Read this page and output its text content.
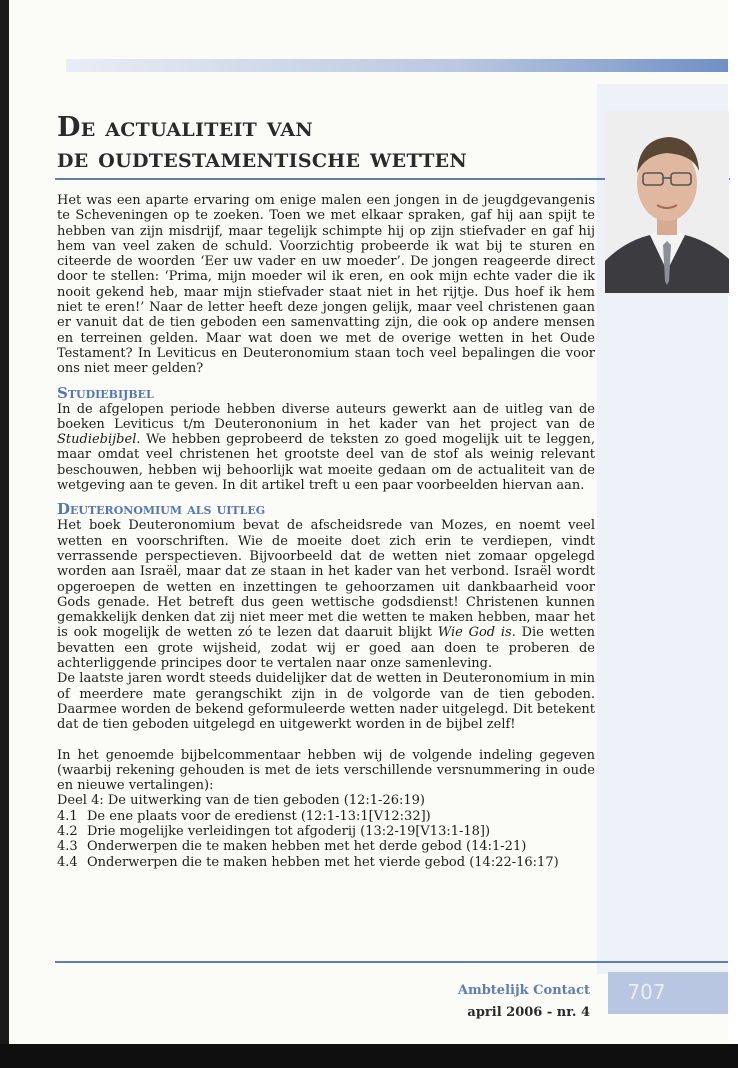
De actualiteit van
de oudtestamentische wetten

Het was een aparte ervaring om enige malen een jongen in de jeugdgevangenis te Scheveningen op te zoeken. Toen we met elkaar spraken, gaf hij aan spijt te hebben van zijn misdrijf, maar tegelijk schimpte hij op zijn stiefvader en gaf hij hem van veel zaken de schuld. Voorzichtig probeerde ik wat bij te sturen en citeerde de woorden ‘Eer uw vader en uw moeder’. De jongen reageerde direct door te stellen: ‘Prima, mijn moeder wil ik eren, en ook mijn echte vader die ik nooit gekend heb, maar mijn stiefvader staat niet in het rijtje. Dus hoef ik hem niet te eren!’ Naar de letter heeft deze jongen gelijk, maar veel christenen gaan er vanuit dat de tien geboden een samenvatting zijn, die ook op andere mensen en terreinen gelden. Maar wat doen we met de overige wetten in het Oude Testament? In Leviticus en Deuteronomium staan toch veel bepalingen die voor ons niet meer gelden?

Studiebijbel

In de afgelopen periode hebben diverse auteurs gewerkt aan de uitleg van de boeken Leviticus t/m Deuterononium in het kader van het project van de Studiebijbel. We hebben geprobeerd de teksten zo goed mogelijk uit te leggen, maar omdat veel christenen het grootste deel van de stof als weinig relevant beschouwen, hebben wij behoorlijk wat moeite gedaan om de actualiteit van de wetgeving aan te geven. In dit artikel treft u een paar voorbeelden hiervan aan.

Deuteronomium als uitleg

Het boek Deuteronomium bevat de afscheidsrede van Mozes, en noemt veel wetten en voorschriften. Wie de moeite doet zich erin te verdiepen, vindt verrassende perspectieven. Bijvoorbeeld dat de wetten niet zomaar opgelegd worden aan Israël, maar dat ze staan in het kader van het verbond. Israël wordt opgeroepen de wetten en inzettingen te gehoorzamen uit dankbaarheid voor Gods genade. Het betreft dus geen wettische godsdienst! Christenen kunnen gemakkelijk denken dat zij niet meer met die wetten te maken hebben, maar het is ook mogelijk de wetten zó te lezen dat daaruit blijkt Wie God is. Die wetten bevatten een grote wijsheid, zodat wij er goed aan doen te proberen de achterliggende principes door te vertalen naar onze samenleving.

De laatste jaren wordt steeds duidelijker dat de wetten in Deuteronomium in min of meerdere mate gerangschikt zijn in de volgorde van de tien geboden. Daarmee worden de bekend geformuleerde wetten nader uitgelegd. Dit betekent dat de tien geboden uitgelegd en uitgewerkt worden in de bijbel zelf!

In het genoemde bijbelcommentaar hebben wij de volgende indeling gegeven (waarbij rekening gehouden is met de iets verschillende versnummering in oude en nieuwe vertalingen):

Deel 4: De uitwerking van de tien geboden (12:1-26:19)

4.1 De ene plaats voor de eredienst (12:1-13:1[V12:32])
4.2 Drie mogelijke verleidingen tot afgoderij (13:2-19[V13:1-18])
4.3 Onderwerpen die te maken hebben met het derde gebod (14:1-21)
4.4 Onderwerpen die te maken hebben met het vierde gebod (14:22-16:17)
Ambtelijk Contact
april 2006 - nr. 4
707
